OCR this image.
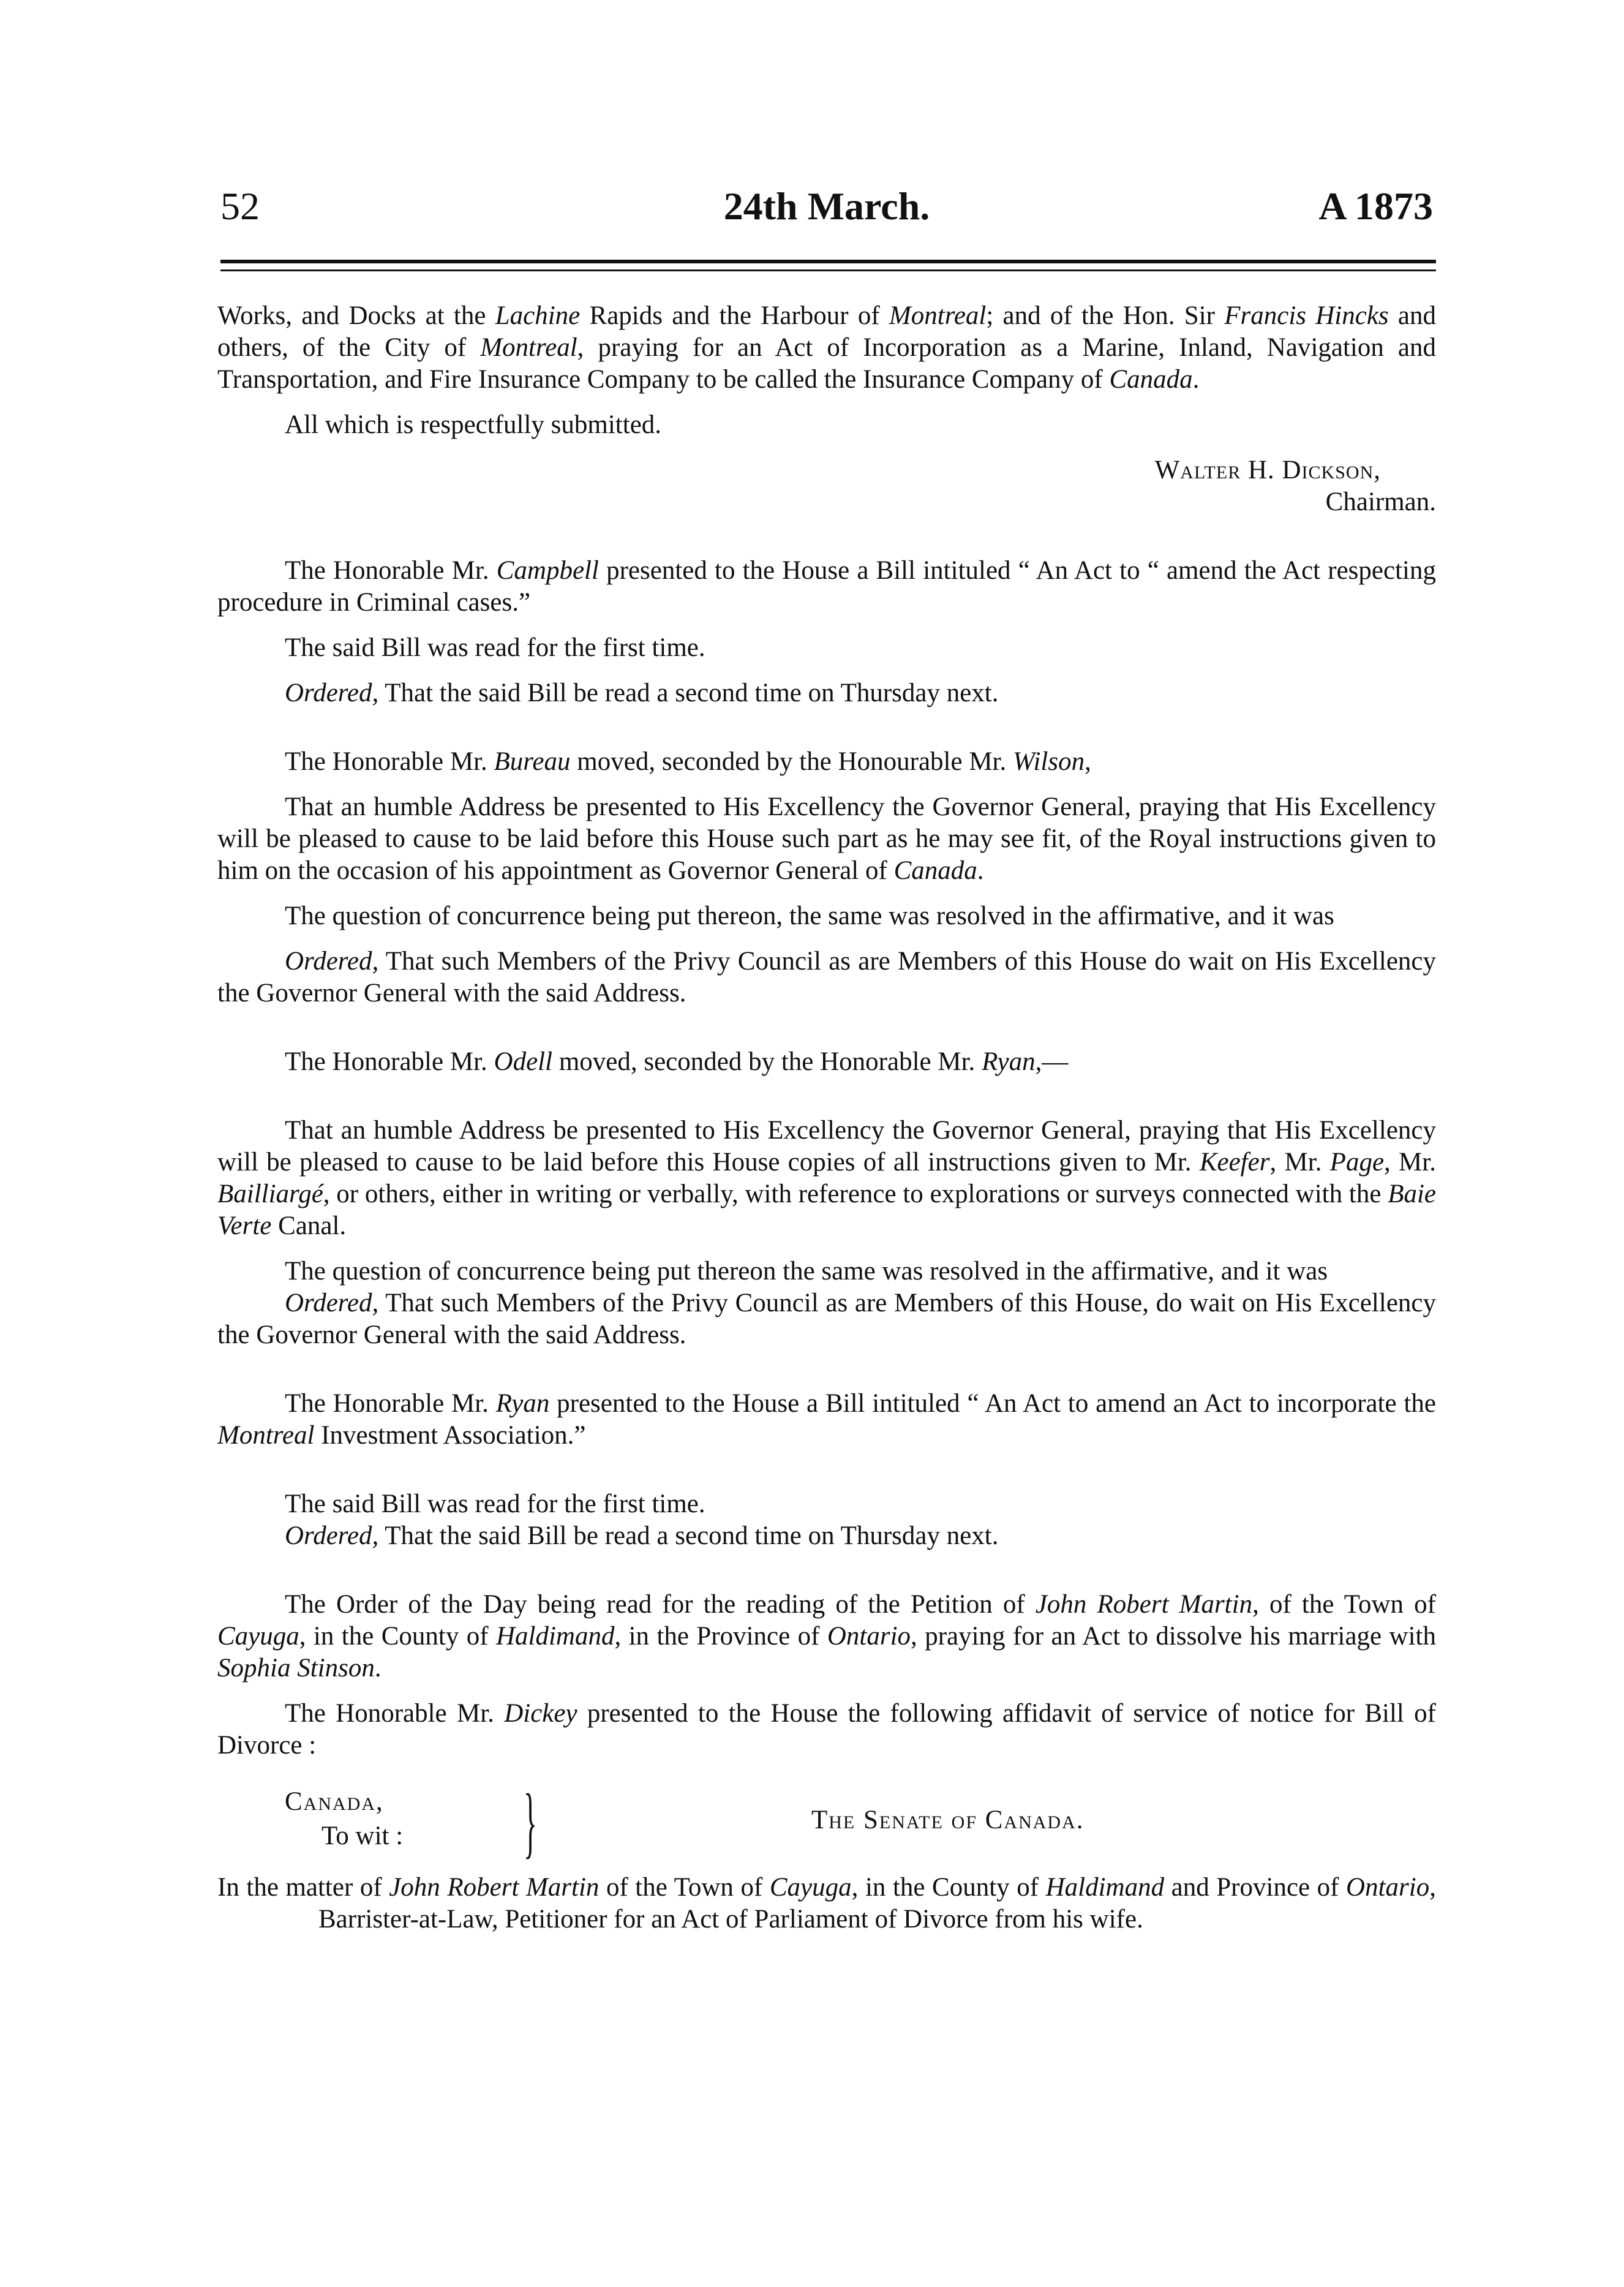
52	24th March.	A 1873

Works, and Docks at the Lachine Rapids and the Harbour of Montreal; and of the Hon. Sir Francis Hincks and others, of the City of Montreal, praying for an Act of Incorporation as a Marine, Inland, Navigation and Transportation, and Fire Insurance Company to be called the Insurance Company of Canada.

All which is respectfully submitted.

Walter H. Dickson,

Chairman.

The Honorable Mr. Campbell presented to the House a Bill intituled “ An Act to “ amend the Act respecting procedure in Criminal cases.”

The said Bill was read for the first time.

Ordered, That the said Bill be read a second time on Thursday next.

The Honorable Mr. Bureau moved, seconded by the Honourable Mr. Wilson,

That an humble Address be presented to His Excellency the Governor General, praying that His Excellency will be pleased to cause to be laid before this House such part as he may see fit, of the Royal instructions given to him on the occasion of his appointment as Governor General of Canada.

The question of concurrence being put thereon, the same was resolved in the affirmative, and it was

Ordered, That such Members of the Privy Council as are Members of this House do wait on His Excellency the Governor General with the said Address.

The Honorable Mr. Odell moved, seconded by the Honorable Mr. Ryan,—

That an humble Address be presented to His Excellency the Governor General, praying that His Excellency will be pleased to cause to be laid before this House copies of all instructions given to Mr. Keefer, Mr. Page, Mr. Bailliargé, or others, either in writing or verbally, with reference to explorations or surveys connected with the Baie Verte Canal.

The question of concurrence being put thereon the same was resolved in the affirmative, and it was

Ordered, That such Members of the Privy Council as are Members of this House, do wait on His Excellency the Governor General with the said Address.

The Honorable Mr. Ryan presented to the House a Bill intituled “ An Act to amend an Act to incorporate the Montreal Investment Association.”

The said Bill was read for the first time.

Ordered, That the said Bill be read a second time on Thursday next.

The Order of the Day being read for the reading of the Petition of John Robert Martin, of the Town of Cayuga, in the County of Haldimand, in the Province of Ontario, praying for an Act to dissolve his marriage with Sophia Stinson.

The Honorable Mr. Dickey presented to the House the following affidavit of service of notice for Bill of Divorce :

Canada,
To wit : }	The Senate of Canada.

In the matter of John Robert Martin of the Town of Cayuga, in the County of Haldimand and Province of Ontario, Barrister-at-Law, Petitioner for an Act of Parliament of Divorce from his wife.
